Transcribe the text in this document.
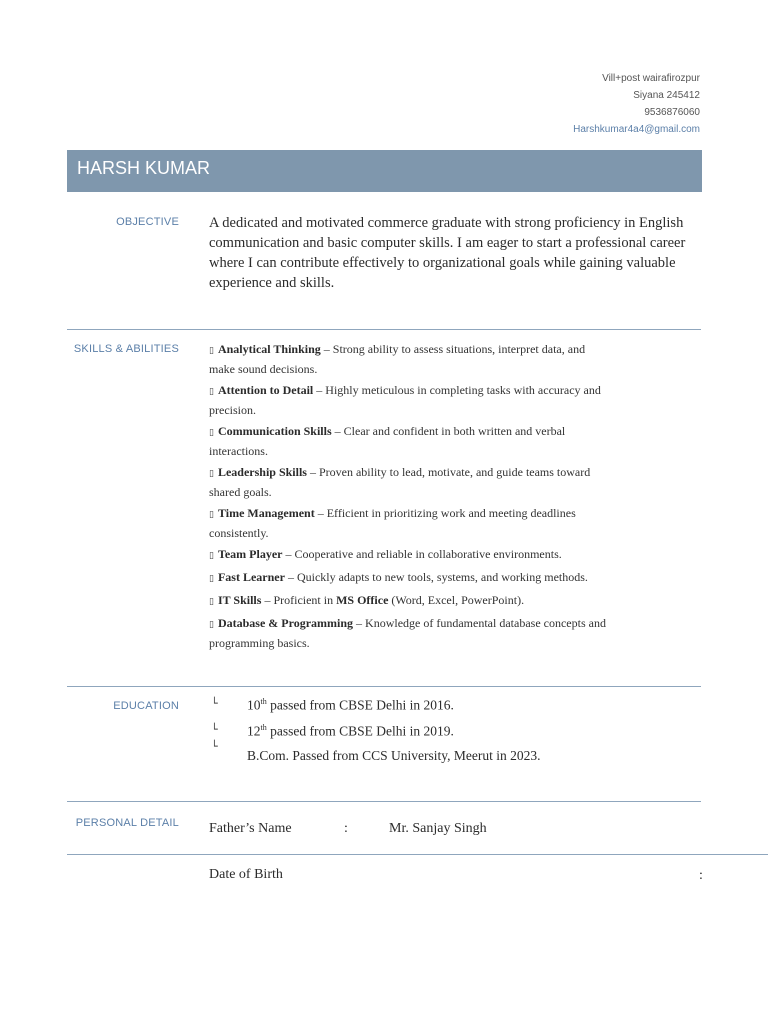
Vill+post wairafirozpur
Siyana 245412
9536876060
Harshkumar4a4@gmail.com
HARSH KUMAR
OBJECTIVE A dedicated and motivated commerce graduate with strong proficiency in English communication and basic computer skills. I am eager to start a professional career where I can contribute effectively to organizational goals while gaining valuable experience and skills.
SKILLS & ABILITIES	▯ Analytical Thinking – Strong ability to assess situations, interpret data, and make sound decisions.
▯ Attention to Detail – Highly meticulous in completing tasks with accuracy and precision.
▯ Communication Skills – Clear and confident in both written and verbal interactions.
▯ Leadership Skills – Proven ability to lead, motivate, and guide teams toward shared goals.
▯ Time Management – Efficient in prioritizing work and meeting deadlines consistently.
▯ Team Player – Cooperative and reliable in collaborative environments.
▯ Fast Learner – Quickly adapts to new tools, systems, and working methods.
▯ IT Skills – Proficient in MS Office (Word, Excel, PowerPoint).
▯ Database & Programming – Knowledge of fundamental database concepts and programming basics.
EDUCATION	└ 10th passed from CBSE Delhi in 2016.
└ 12th passed from CBSE Delhi in 2019.
└
B.Com. Passed from CCS University, Meerut in 2023.
PERSONAL DETAIL Father’s Name	:	Mr. Sanjay Singh
Date of Birth	:
